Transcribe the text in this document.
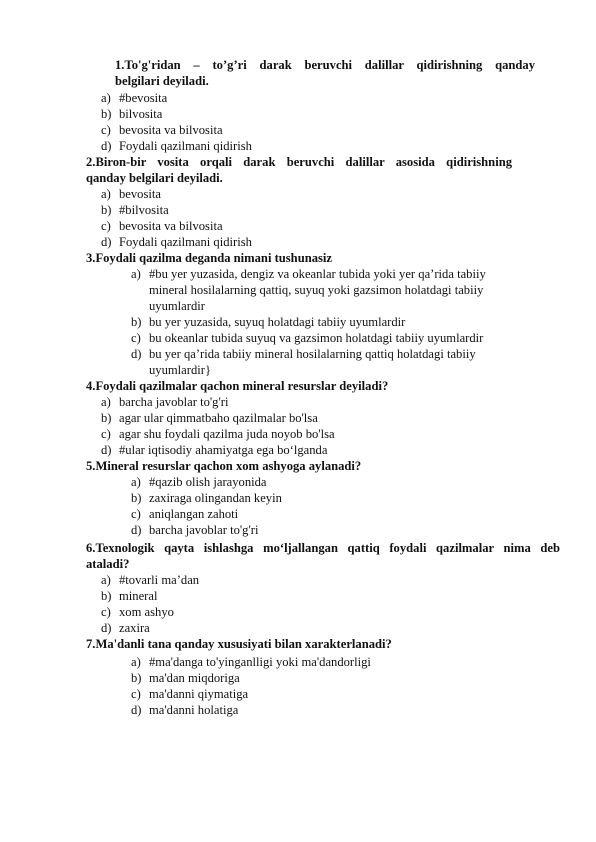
1.To'g'ridan – to’g’ri darak beruvchi dalillar qidirishning qanday
belgilari deyiladi.
a) #bevosita
b) bilvosita
c) bevosita va bilvosita
d) Foydali qazilmani qidirish
2.Biron-bir vosita orqali darak beruvchi dalillar asosida qidirishning
qanday belgilari deyiladi.
a) bevosita
b) #bilvosita
c) bevosita va bilvosita
d) Foydali qazilmani qidirish
3.Foydali qazilma deganda nimani tushunasiz
a) #bu yer yuzasida, dengiz va okeanlar tubida yoki yer qa’rida tabiiy
mineral hosilalarning qattiq, suyuq yoki gazsimon holatdagi tabiiy
uyumlardir
b) bu yer yuzasida, suyuq holatdagi tabiiy uyumlardir
c) bu okeanlar tubida suyuq va gazsimon holatdagi tabiiy uyumlardir
d) bu yer qa’rida tabiiy mineral hosilalarning qattiq holatdagi tabiiy
uyumlardir}
4.Foydali qazilmalar qachon mineral resurslar deyiladi?
a) barcha javoblar to'g'ri
b) agar ular qimmatbaho qazilmalar bo'lsa
c) agar shu foydali qazilma juda noyob bo'lsa
d) #ular iqtisodiy ahamiyatga ega bo‘lganda
5.Mineral resurslar qachon xom ashyoga aylanadi?
a) #qazib olish jarayonida
b) zaxiraga olingandan keyin
c) aniqlangan zahoti
d) barcha javoblar to'g'ri
6.Texnologik qayta ishlashga mo‘ljallangan qattiq foydali qazilmalar nima deb
ataladi?
a) #tovarli ma’dan
b) mineral
c) xom ashyo
d) zaxira
7.Ma'danli tana qanday xususiyati bilan xarakterlanadi?
a) #ma'danga to'yinganlligi yoki ma'dandorligi
b) ma'dan miqdoriga
c) ma'danni qiymatiga
d) ma'danni holatiga
